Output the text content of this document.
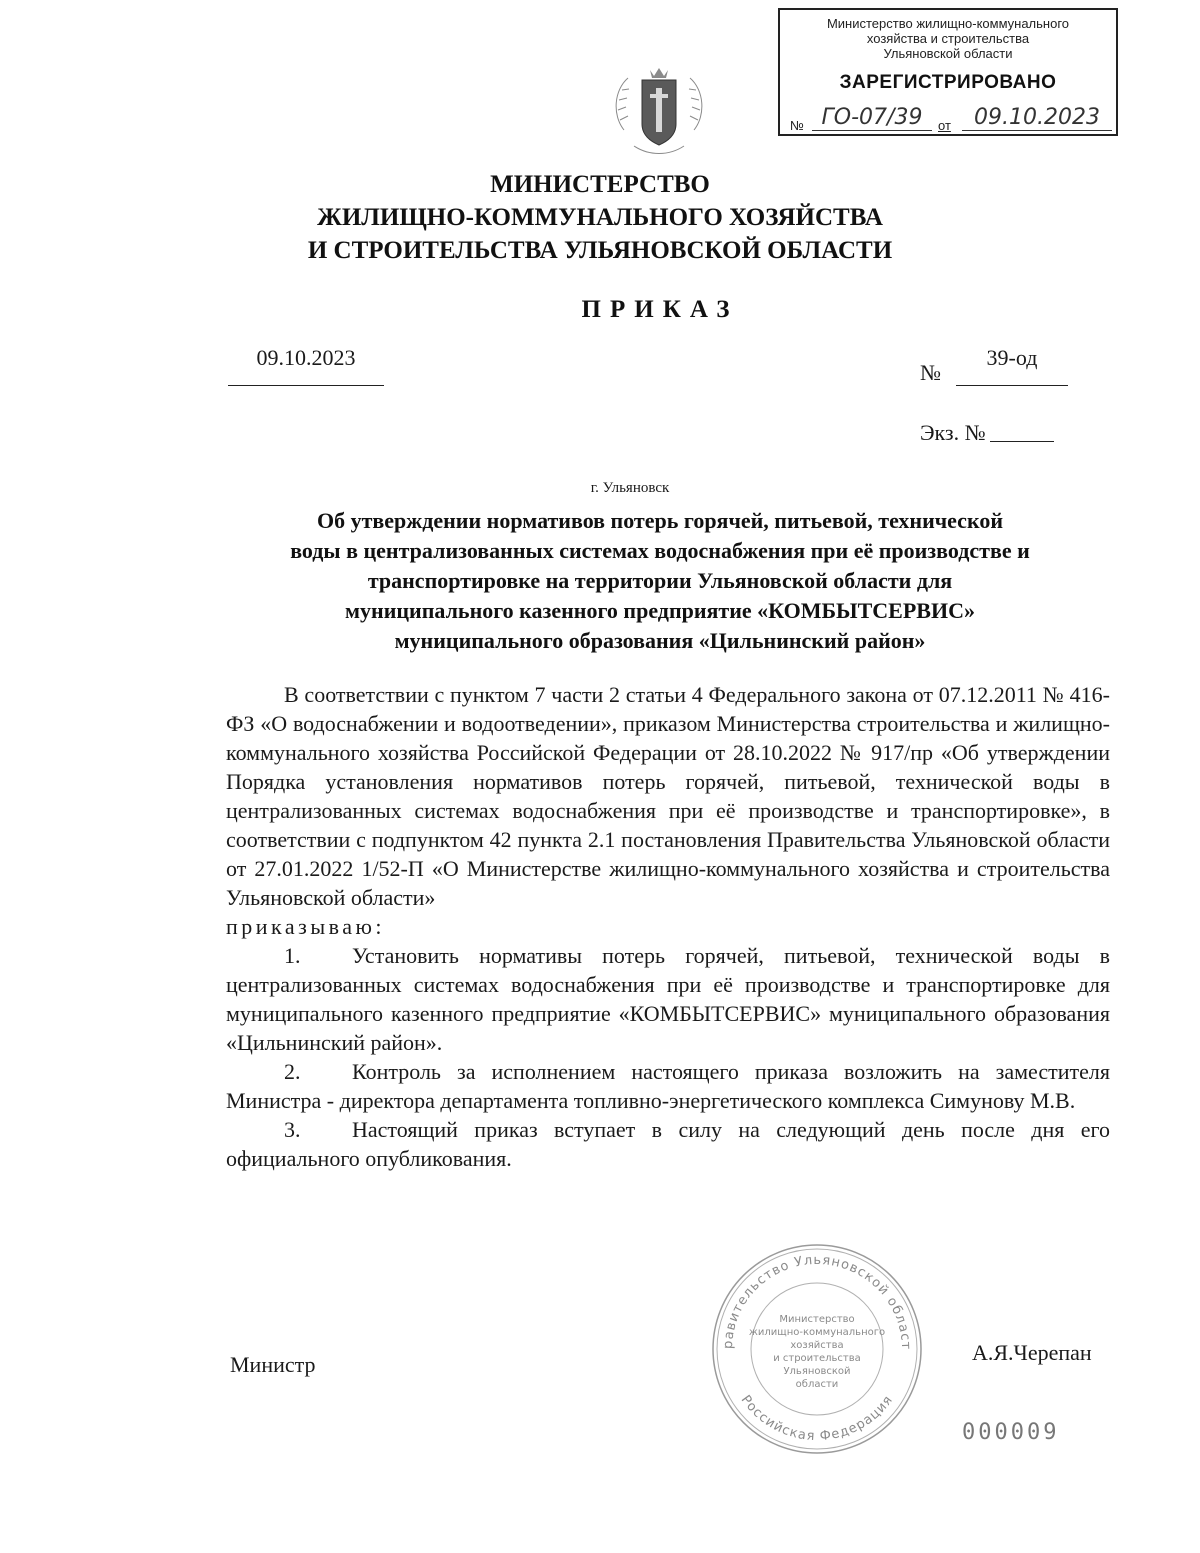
Министерство жилищно-коммунального
хозяйства и строительства
Ульяновской области
ЗАРЕГИСТРИРОВАНО
№ ГО-07/39	от	09.10.2023
МИНИСТЕРСТВО
ЖИЛИЩНО-КОММУНАЛЬНОГО ХОЗЯЙСТВА
И СТРОИТЕЛЬСТВА УЛЬЯНОВСКОЙ ОБЛАСТИ
ПРИКАЗ
09.10.2023
№
39-од
Экз. №
г. Ульяновск
Об утверждении нормативов потерь горячей, питьевой, технической
воды в централизованных системах водоснабжения при её производстве и
транспортировке на территории Ульяновской области для
муниципального казенного предприятие «КОМБЫТСЕРВИС»
муниципального образования «Цильнинский район»

В соответствии с пунктом 7 части 2 статьи 4 Федерального закона от 07.12.2011 № 416-ФЗ «О водоснабжении и водоотведении», приказом Министерства строительства и жилищно-коммунального хозяйства Российской Федерации от 28.10.2022 № 917/пр «Об утверждении Порядка установления нормативов потерь горячей, питьевой, технической воды в централизованных системах водоснабжения при её производстве и транспортировке», в соответствии с подпунктом 42 пункта 2.1 постановления Правительства Ульяновской области от 27.01.2022 1/52-П «О Министерстве жилищно-коммунального хозяйства и строительства Ульяновской области»

приказываю:

1. Установить нормативы потерь горячей, питьевой, технической воды в централизованных системах водоснабжения при её производстве и транспортировке для муниципального казенного предприятие «КОМБЫТСЕРВИС» муниципального образования «Цильнинский район».

2. Контроль за исполнением настоящего приказа возложить на заместителя Министра - директора департамента топливно-энергетического комплекса Симунову М.В.

3. Настоящий приказ вступает в силу на следующий день после дня его официального опубликования.

равительство Ульяновской област
Российская Федерация
Министерство
жилищно-коммунального
хозяйства
и строительства
Ульяновской
области
Министр	А.Я.Черепан
000009
